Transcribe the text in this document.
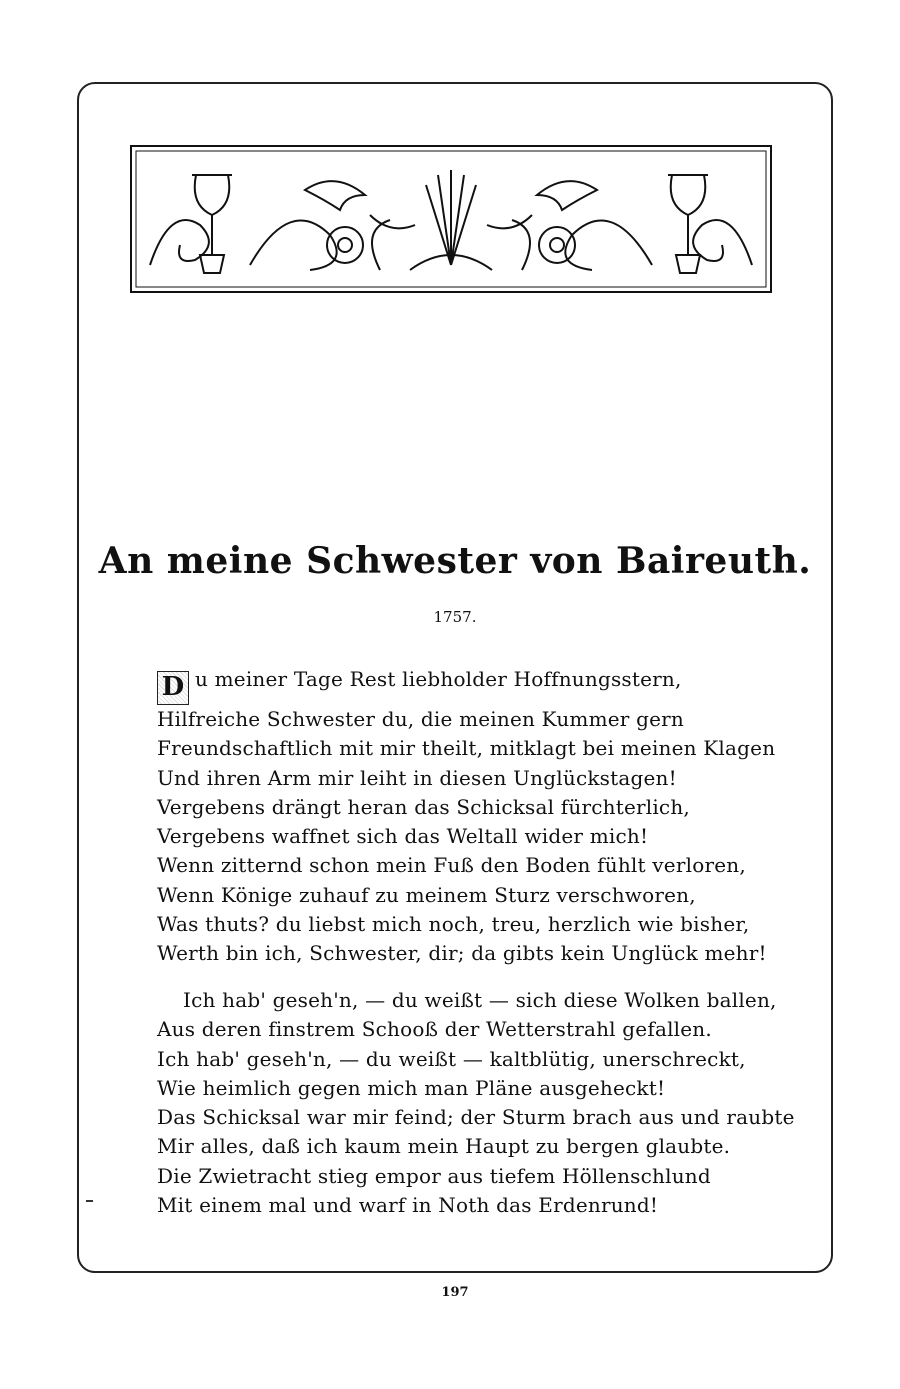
An meine Schwester von Baireuth.
1757.
D u meiner Tage Rest liebholder Hoffnungsstern,
Hilfreiche Schwester du, die meinen Kummer gern
Freundschaftlich mit mir theilt, mitklagt bei meinen Klagen
Und ihren Arm mir leiht in diesen Unglückstagen!
Vergebens drängt heran das Schicksal fürchterlich,
Vergebens waffnet sich das Weltall wider mich!
Wenn zitternd schon mein Fuß den Boden fühlt verloren,
Wenn Könige zuhauf zu meinem Sturz verschworen,
Was thuts? du liebst mich noch, treu, herzlich wie bisher,
Werth bin ich, Schwester, dir; da gibts kein Unglück mehr!
Ich hab' geseh'n, — du weißt — sich diese Wolken ballen,
Aus deren finstrem Schooß der Wetterstrahl gefallen.
Ich hab' geseh'n, — du weißt — kaltblütig, unerschreckt,
Wie heimlich gegen mich man Pläne ausgeheckt!
Das Schicksal war mir feind; der Sturm brach aus und raubte
Mir alles, daß ich kaum mein Haupt zu bergen glaubte.
Die Zwietracht stieg empor aus tiefem Höllenschlund
Mit einem mal und warf in Noth das Erdenrund!
197
